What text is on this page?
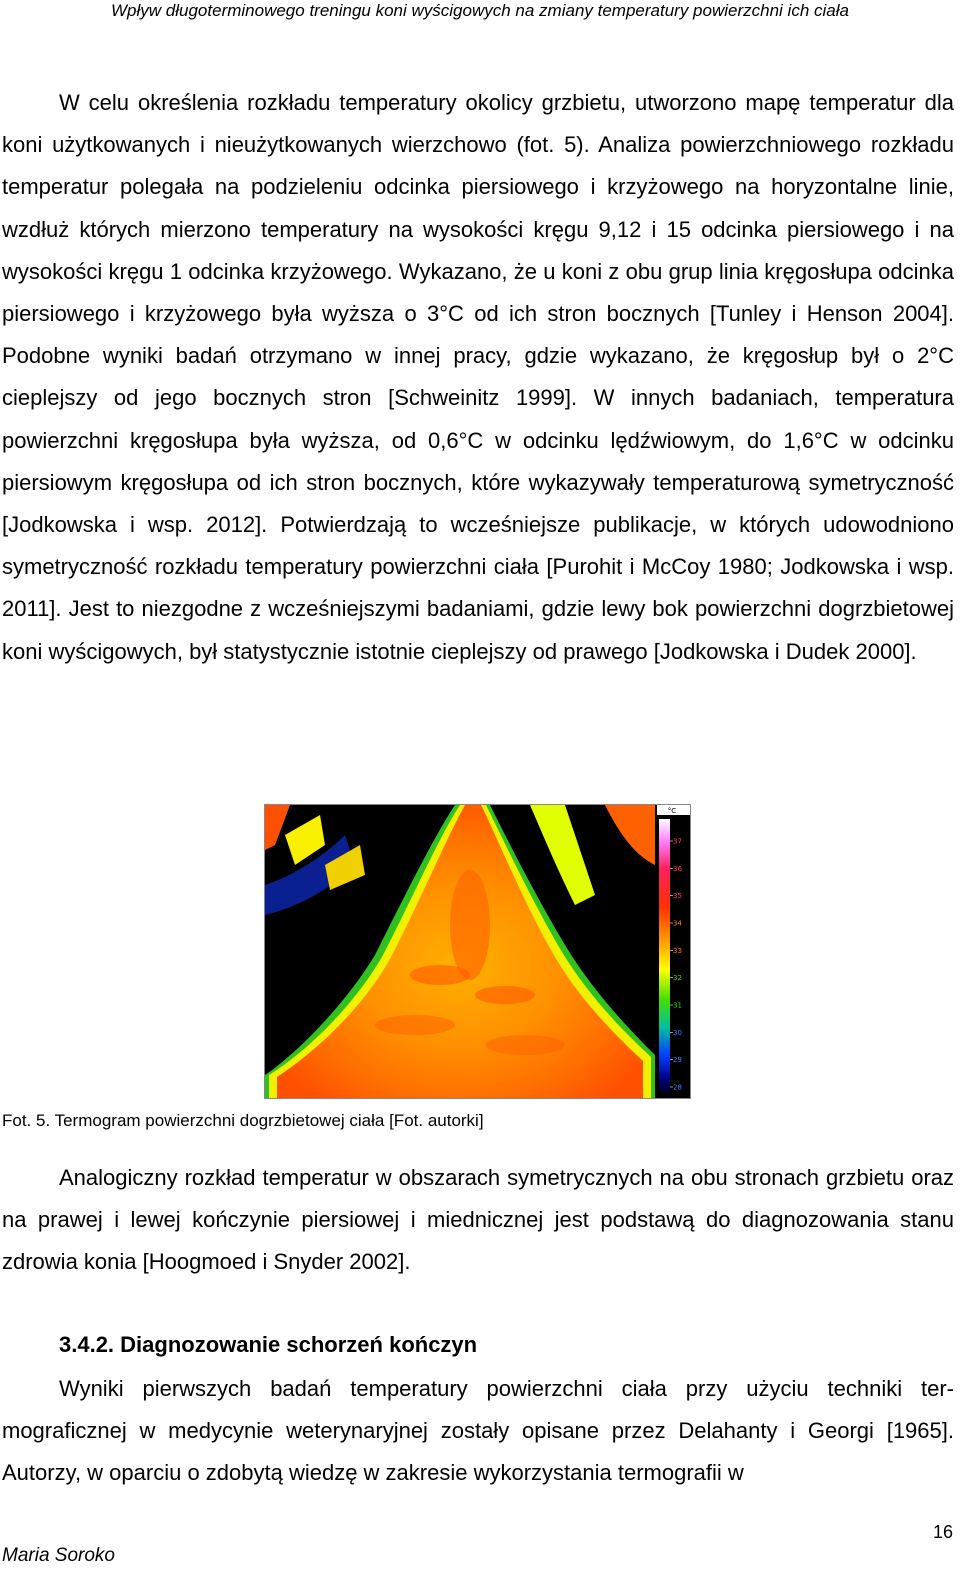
Wpływ długoterminowego treningu koni wyścigowych na zmiany temperatury powierzchni ich ciała

W celu określenia rozkładu temperatury okolicy grzbietu, utworzono mapę temperatur dla koni użytkowanych i nieużytkowanych wierzchowo (fot. 5). Analiza powierzchniowego rozkładu temperatur polegała na podzieleniu odcinka piersiowego i krzyżowego na horyzontalne linie, wzdłuż których mierzono temperatury na wysokości kręgu 9,12 i 15 odcinka piersiowego i na wysokości kręgu 1 odcinka krzyżowego. Wykazano, że u koni z obu grup linia kręgosłupa odcinka piersiowego i krzyżowego była wyższa o 3°C od ich stron bocznych [Tunley i Henson 2004]. Podobne wyniki badań otrzymano w innej pracy, gdzie wykazano, że kręgosłup był o 2°C cieplejszy od jego bocznych stron [Schweinitz 1999]. W innych badaniach, temperatura powierzchni kręgosłupa była wyższa, od 0,6°C w odcinku lędźwiowym, do 1,6°C w odcinku piersiowym kręgosłupa od ich stron bocznych, które wykazywały temperaturową symetryczność [Jodkowska i wsp. 2012]. Potwierdzają to wcześniejsze publikacje, w których udowodniono symetryczność rozkładu temperatury powierzchni ciała [Purohit i McCoy 1980; Jodkowska i wsp. 2011]. Jest to niezgodne z wcześniejszymi badaniami, gdzie lewy bok powierzchni dogrzbietowej koni wyścigowych, był statystycznie istotnie cieplejszy od prawego [Jodkowska i Dudek 2000].

°C
37
36
35
34
33
32
31
30
29
28
Fot. 5. Termogram powierzchni dogrzbietowej ciała [Fot. autorki]

Analogiczny rozkład temperatur w obszarach symetrycznych na obu stronach grzbietu oraz na prawej i lewej kończynie piersiowej i miednicznej jest podstawą do diagnozowania stanu zdrowia konia [Hoogmoed i Snyder 2002].

3.4.2. Diagnozowanie schorzeń kończyn

Wyniki pierwszych badań temperatury powierzchni ciała przy użyciu techniki termograficznej w medycynie weterynaryjnej zostały opisane przez Delahanty i Georgi [1965]. Autorzy, w oparciu o zdobytą wiedzę w zakresie wykorzystania termografii w

16
Maria Soroko
